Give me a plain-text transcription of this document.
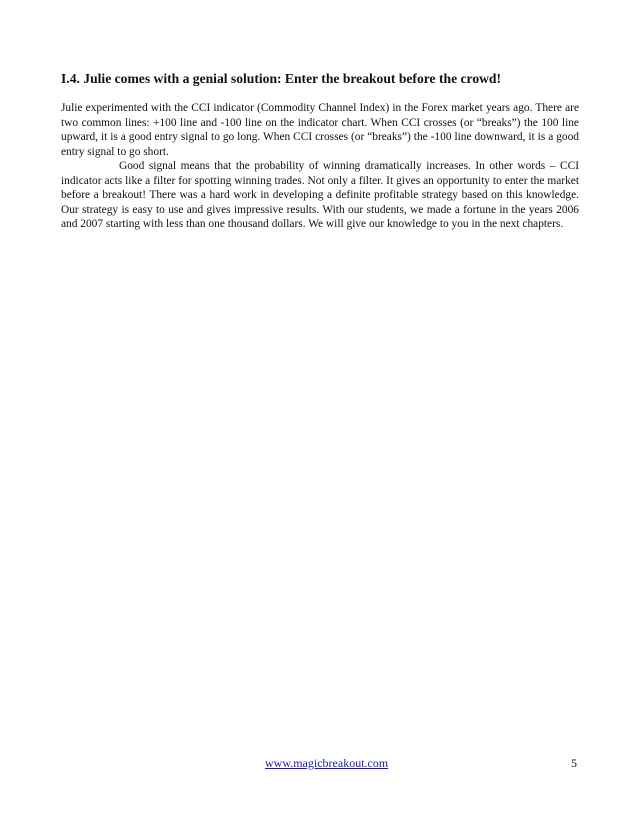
I.4. Julie comes with a genial solution: Enter the breakout before the crowd!

Julie experimented with the CCI indicator (Commodity Channel Index) in the Forex market years ago. There are two common lines: +100 line and -100 line on the indicator chart. When CCI crosses (or “breaks”) the 100 line upward, it is a good entry signal to go long. When CCI crosses (or “breaks”) the -100 line downward, it is a good entry signal to go short.

Good signal means that the probability of winning dramatically increases. In other words – CCI indicator acts like a filter for spotting winning trades. Not only a filter. It gives an opportunity to enter the market before a breakout! There was a hard work in developing a definite profitable strategy based on this knowledge. Our strategy is easy to use and gives impressive results. With our students, we made a fortune in the years 2006 and 2007 starting with less than one thousand dollars. We will give our knowledge to you in the next chapters.

www.magicbreakout.com	5
